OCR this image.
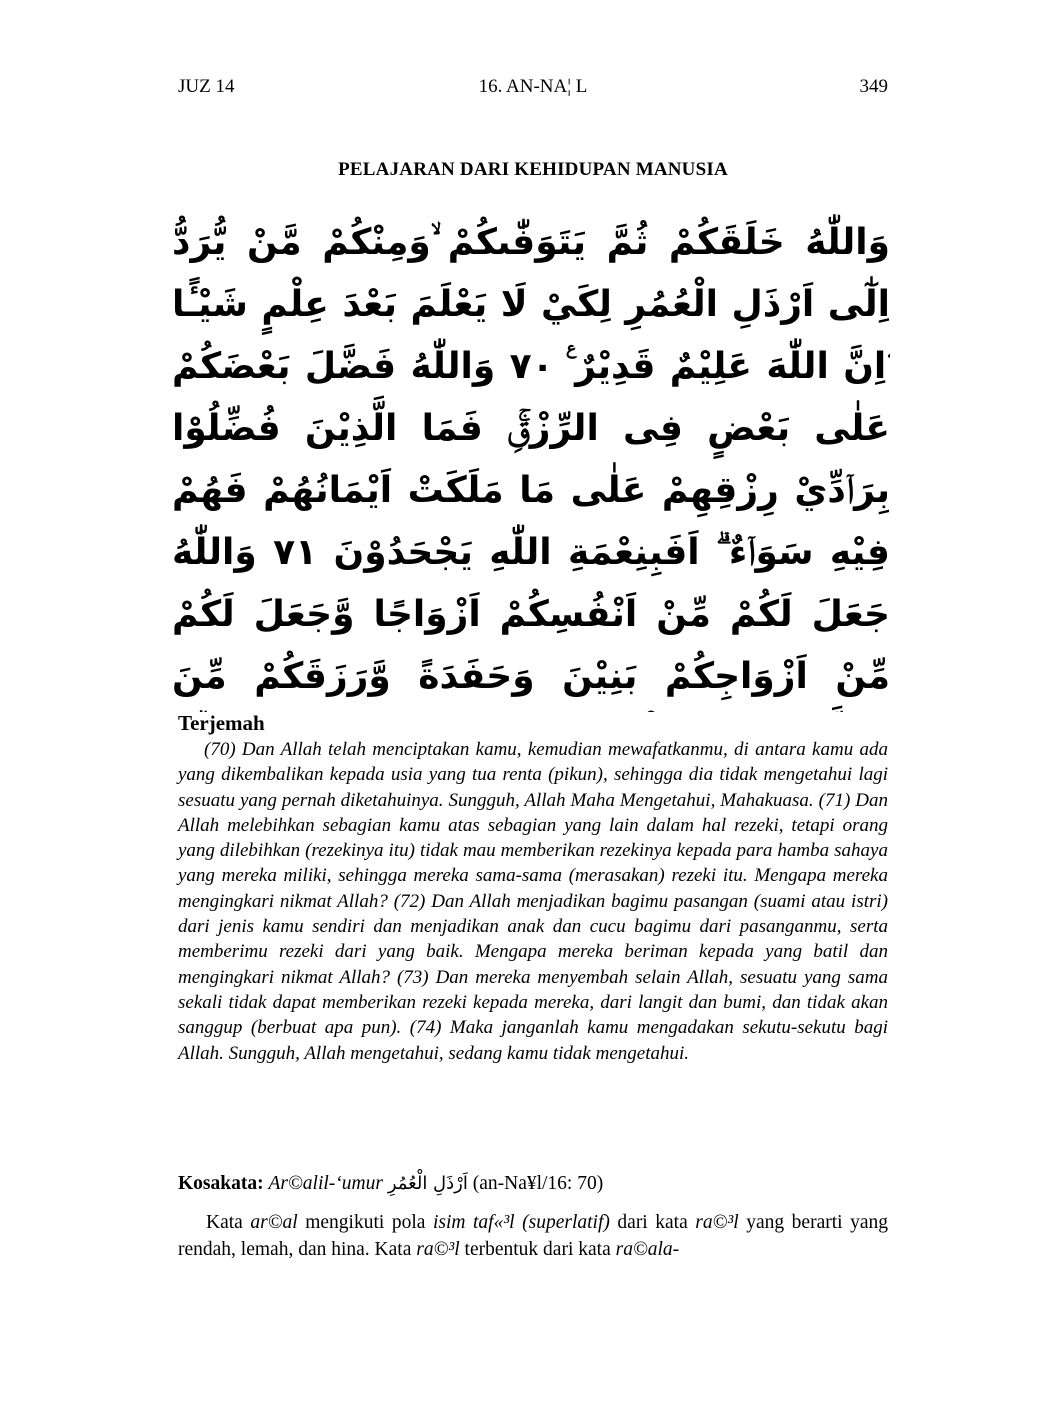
JUZ 14	16. AN-NA¦ L	349
PELAJARAN DARI KEHIDUPAN MANUSIA
وَاللّٰهُ خَلَقَكُمْ ثُمَّ يَتَوَفّٰىكُمْ ۙوَمِنْكُمْ مَّنْ يُّرَدُّ اِلٰٓى اَرْذَلِ الْعُمُرِ لِكَيْ لَا يَعْلَمَ بَعْدَ عِلْمٍ شَيْـًٔا ۗاِنَّ اللّٰهَ عَلِيْمٌ قَدِيْرٌ ࣖ ٧٠ وَاللّٰهُ فَضَّلَ بَعْضَكُمْ عَلٰى بَعْضٍ فِى الرِّزْقِۚ فَمَا الَّذِيْنَ فُضِّلُوْا بِرَاۤدِّيْ رِزْقِهِمْ عَلٰى مَا مَلَكَتْ اَيْمَانُهُمْ فَهُمْ فِيْهِ سَوَاۤءٌ ۗ اَفَبِنِعْمَةِ اللّٰهِ يَجْحَدُوْنَ ٧١ وَاللّٰهُ جَعَلَ لَكُمْ مِّنْ اَنْفُسِكُمْ اَزْوَاجًا وَّجَعَلَ لَكُمْ مِّنْ اَزْوَاجِكُمْ بَنِيْنَ وَحَفَدَةً وَّرَزَقَكُمْ مِّنَ
Terjemah
(70) Dan Allah telah menciptakan kamu, kemudian mewafatkanmu, di antara kamu ada yang dikembalikan kepada usia yang tua renta (pikun), sehingga dia tidak mengetahui lagi sesuatu yang pernah diketahuinya. Sungguh, Allah Maha Mengetahui, Mahakuasa. (71) Dan Allah melebihkan sebagian kamu atas sebagian yang lain dalam hal rezeki, tetapi orang yang dilebihkan (rezekinya itu) tidak mau memberikan rezekinya kepada para hamba sahaya yang mereka miliki, sehingga mereka sama-sama (merasakan) rezeki itu. Mengapa mereka mengingkari nikmat Allah? (72) Dan Allah menjadikan bagimu pasangan (suami atau istri) dari jenis kamu sendiri dan menjadikan anak dan cucu bagimu dari pasanganmu, serta memberimu rezeki dari yang baik. Mengapa mereka beriman kepada yang batil dan mengingkari nikmat Allah? (73) Dan mereka menyembah selain Allah, sesuatu yang sama sekali tidak dapat memberikan rezeki kepada mereka, dari langit dan bumi, dan tidak akan sanggup (berbuat apa pun). (74) Maka janganlah kamu mengadakan sekutu-sekutu bagi Allah. Sungguh, Allah mengetahui, sedang kamu tidak mengetahui.
Kosakata: Ar©alil-‘umur اَرْذَلِ الْعُمُرِ (an-Na¥l/16: 70)
Kata ar©al mengikuti pola isim taf«³l (superlatif) dari kata ra©³l yang berarti yang rendah, lemah, dan hina. Kata ra©³l terbentuk dari kata ra©ala-
